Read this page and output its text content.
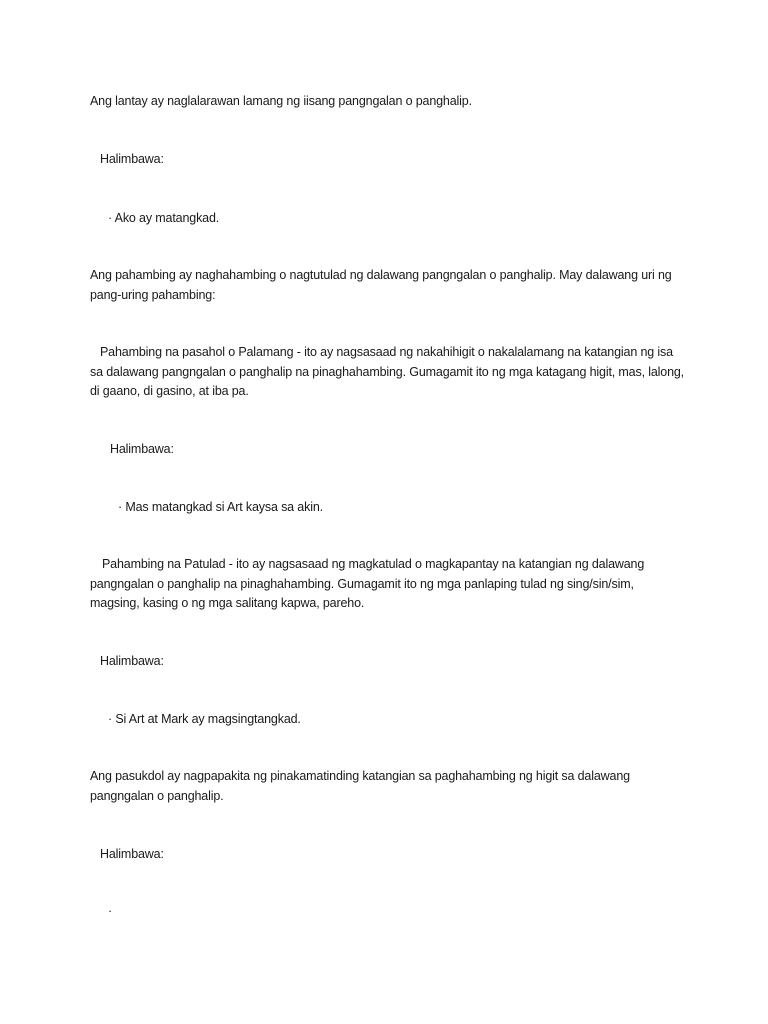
Ang lantay ay naglalarawan lamang ng iisang pangngalan o panghalip.

Halimbawa:

· Ako ay matangkad.

Ang pahambing ay naghahambing o nagtutulad ng dalawang pangngalan o panghalip. May dalawang uri ng pang-uring pahambing:

Pahambing na pasahol o Palamang - ito ay nagsasaad ng nakahihigit o nakalalamang na katangian ng isa sa dalawang pangngalan o panghalip na pinaghahambing. Gumagamit ito ng mga katagang higit, mas, lalong, di gaano, di gasino, at iba pa.

Halimbawa:

· Mas matangkad si Art kaysa sa akin.

Pahambing na Patulad - ito ay nagsasaad ng magkatulad o magkapantay na katangian ng dalawang pangngalan o panghalip na pinaghahambing. Gumagamit ito ng mga panlaping tulad ng sing/sin/sim, magsing, kasing o ng mga salitang kapwa, pareho.

Halimbawa:

· Si Art at Mark ay magsingtangkad.

Ang pasukdol ay nagpapakita ng pinakamatinding katangian sa paghahambing ng higit sa dalawang pangngalan o panghalip.

Halimbawa:

·
